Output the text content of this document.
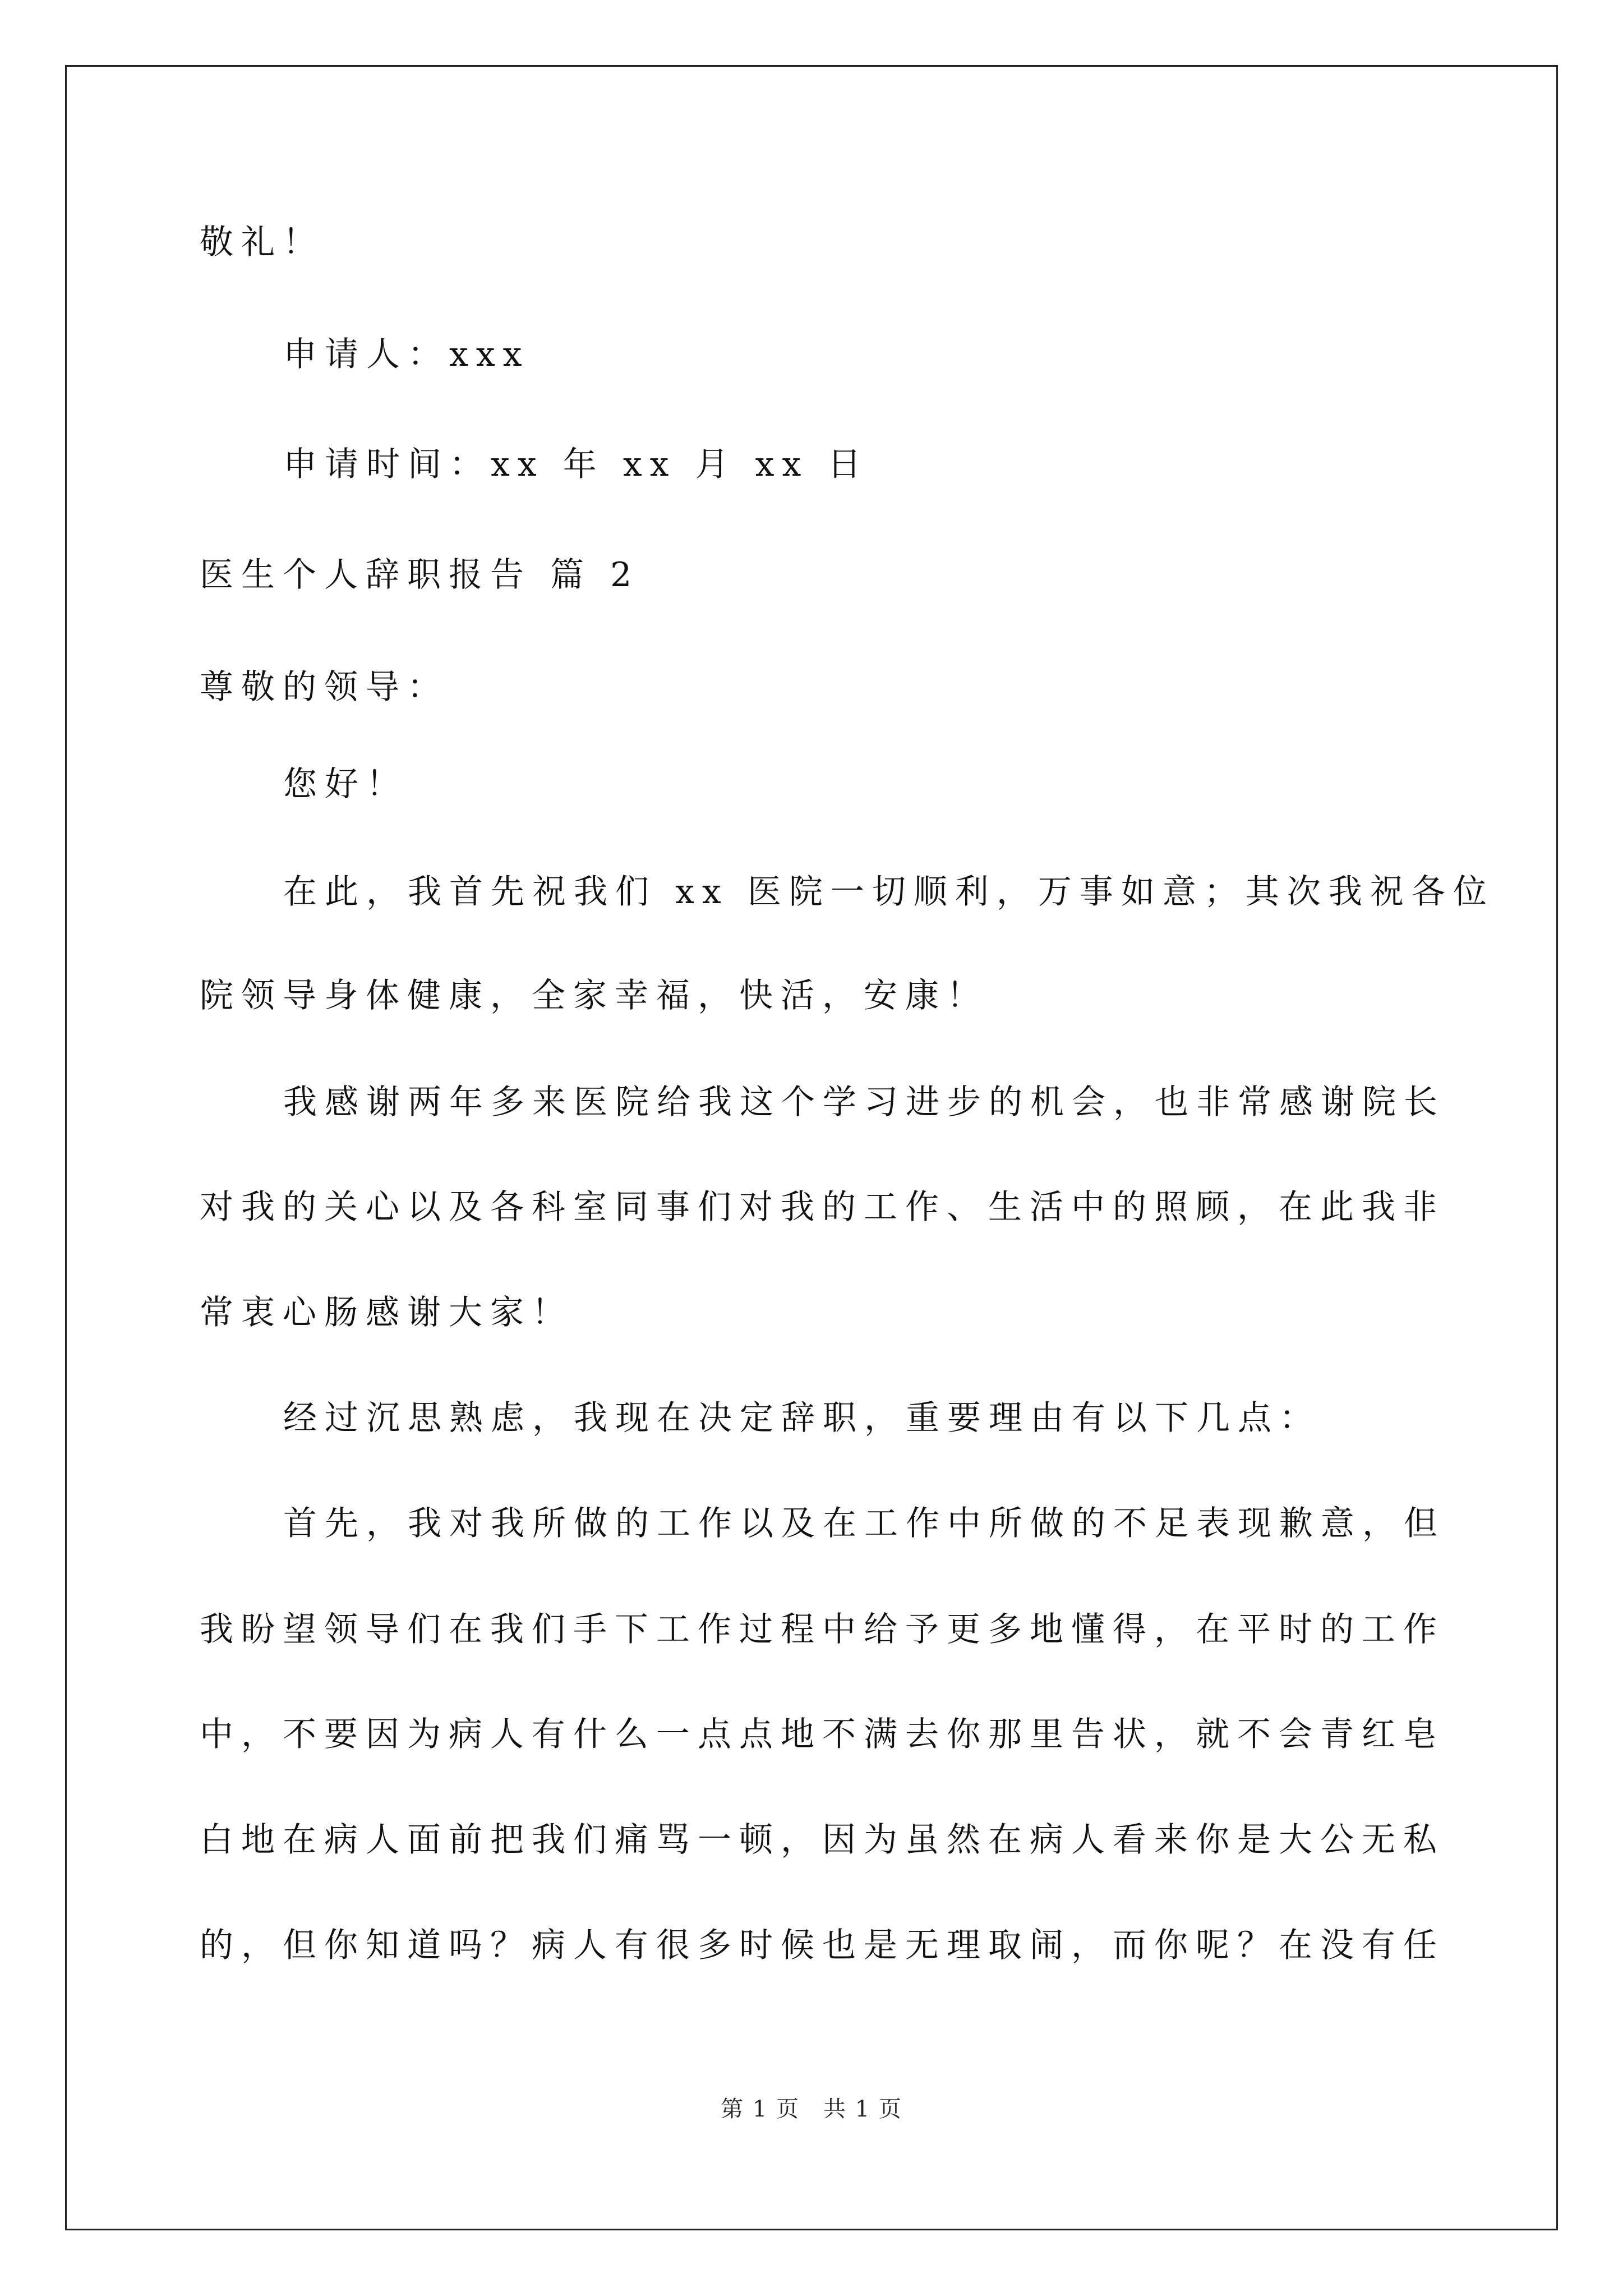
敬礼！

申请人：xxx

申请时间：xx 年 xx 月 xx 日

医生个人辞职报告 篇 2

尊敬的领导：

您好！

在此，我首先祝我们 xx 医院一切顺利，万事如意；其次我祝各位

院领导身体健康，全家幸福，快活，安康！

我感谢两年多来医院给我这个学习进步的机会，也非常感谢院长

对我的关心以及各科室同事们对我的工作、生活中的照顾，在此我非

常衷心肠感谢大家！

经过沉思熟虑，我现在决定辞职，重要理由有以下几点：

首先，我对我所做的工作以及在工作中所做的不足表现歉意，但

我盼望领导们在我们手下工作过程中给予更多地懂得，在平时的工作

中，不要因为病人有什么一点点地不满去你那里告状，就不会青红皂

白地在病人面前把我们痛骂一顿，因为虽然在病人看来你是大公无私

的，但你知道吗？病人有很多时候也是无理取闹，而你呢？在没有任

第 1 页　共 1 页
